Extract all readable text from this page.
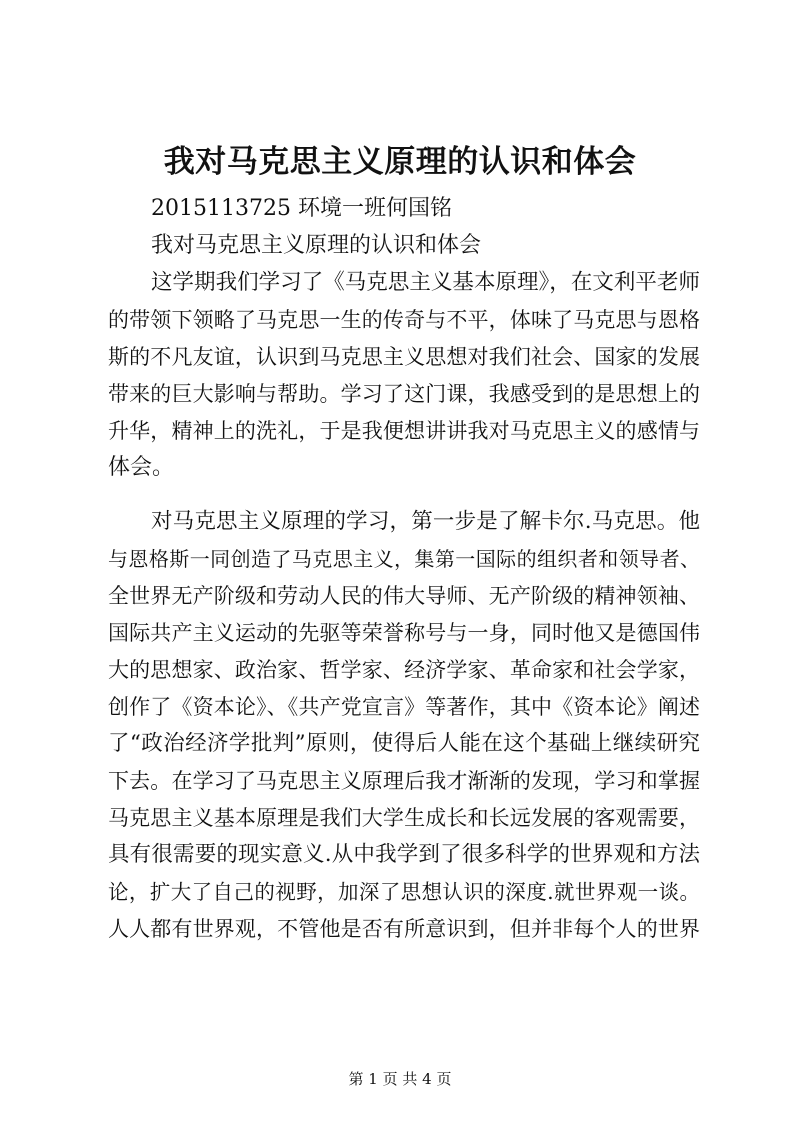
我对马克思主义原理的认识和体会
2015113725 环境一班何国铭
我对马克思主义原理的认识和体会
这学期我们学习了《马克思主义基本原理》，在文利平老师
的带领下领略了马克思一生的传奇与不平，体味了马克思与恩格
斯的不凡友谊，认识到马克思主义思想对我们社会、国家的发展
带来的巨大影响与帮助。学习了这门课，我感受到的是思想上的
升华，精神上的洗礼，于是我便想讲讲我对马克思主义的感情与
体会。
对马克思主义原理的学习，第一步是了解卡尔.马克思。他
与恩格斯一同创造了马克思主义，集第一国际的组织者和领导者、
全世界无产阶级和劳动人民的伟大导师、无产阶级的精神领袖、
国际共产主义运动的先驱等荣誉称号与一身，同时他又是德国伟
大的思想家、政治家、哲学家、经济学家、革命家和社会学家，
创作了《资本论》、《共产党宣言》等著作，其中《资本论》阐述
了“政治经济学批判”原则，使得后人能在这个基础上继续研究
下去。在学习了马克思主义原理后我才渐渐的发现，学习和掌握
马克思主义基本原理是我们大学生成长和长远发展的客观需要，
具有很需要的现实意义.从中我学到了很多科学的世界观和方法
论，扩大了自己的视野，加深了思想认识的深度.就世界观一谈。
人人都有世界观，不管他是否有所意识到，但并非每个人的世界
第 1 页 共 4 页
